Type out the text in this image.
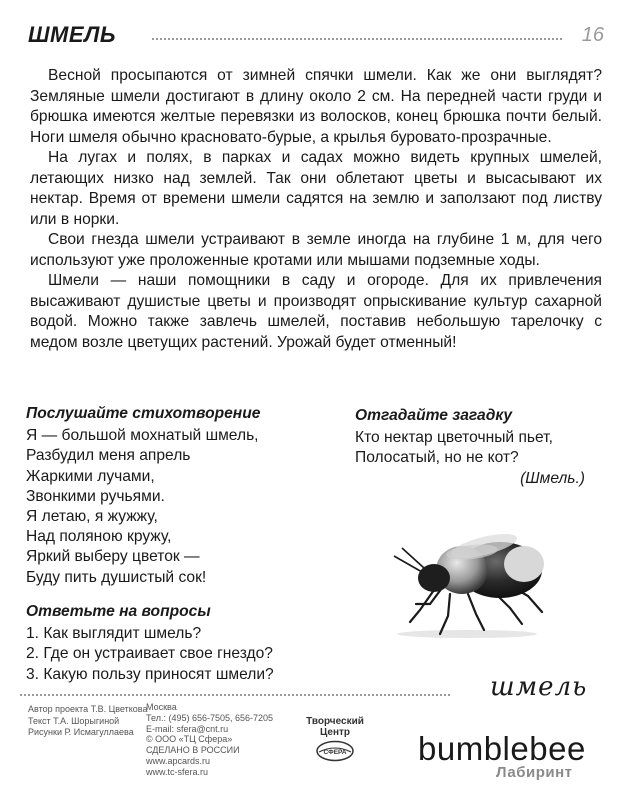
ШМЕЛЬ	16

Весной просыпаются от зимней спячки шмели. Как же они выглядят? Земляные шмели достигают в длину около 2 см. На передней части груди и брюшка имеются желтые перевязки из волосков, конец брюшка почти белый. Ноги шмеля обычно красновато-бурые, а крылья буровато-прозрачные.

На лугах и полях, в парках и садах можно видеть крупных шмелей, летающих низко над землей. Так они облетают цветы и высасывают их нектар. Время от времени шмели садятся на землю и заползают под листву или в норки.

Свои гнезда шмели устраивают в земле иногда на глубине 1 м, для чего используют уже проложенные кротами или мышами подземные ходы.

Шмели — наши помощники в саду и огороде. Для их привлечения высаживают душистые цветы и производят опрыскивание культур сахарной водой. Можно также завлечь шмелей, поставив небольшую тарелочку с медом возле цветущих растений. Урожай будет отменный!

Послушайте стихотворение
Я — большой мохнатый шмель,
Разбудил меня апрель
Жаркими лучами,
Звонкими ручьями.
Я летаю, я жужжу,
Над поляною кружу,
Яркий выберу цветок —
Буду пить душистый сок!
Ответьте на вопросы
1. Как выглядит шмель?
2. Где он устраивает свое гнездо?
3. Какую пользу приносят шмели?
Отгадайте загадку
Кто нектар цветочный пьет,
Полосатый, но не кот?
(Шмель.)
шмель
bumblebee
Автор проекта Т.В. Цветкова
Текст Т.А. Шорыгиной
Рисунки Р. Исмагуллаева
Москва
Тел.: (495) 656-7505, 656-7205
E-mail: sfera@cnt.ru
© ООО «ТЦ Сфера»
СДЕЛАНО В РОССИИ
www.apcards.ru
www.tc-sfera.ru
Творческий
Центр
СФЕРА
Лабиринт
